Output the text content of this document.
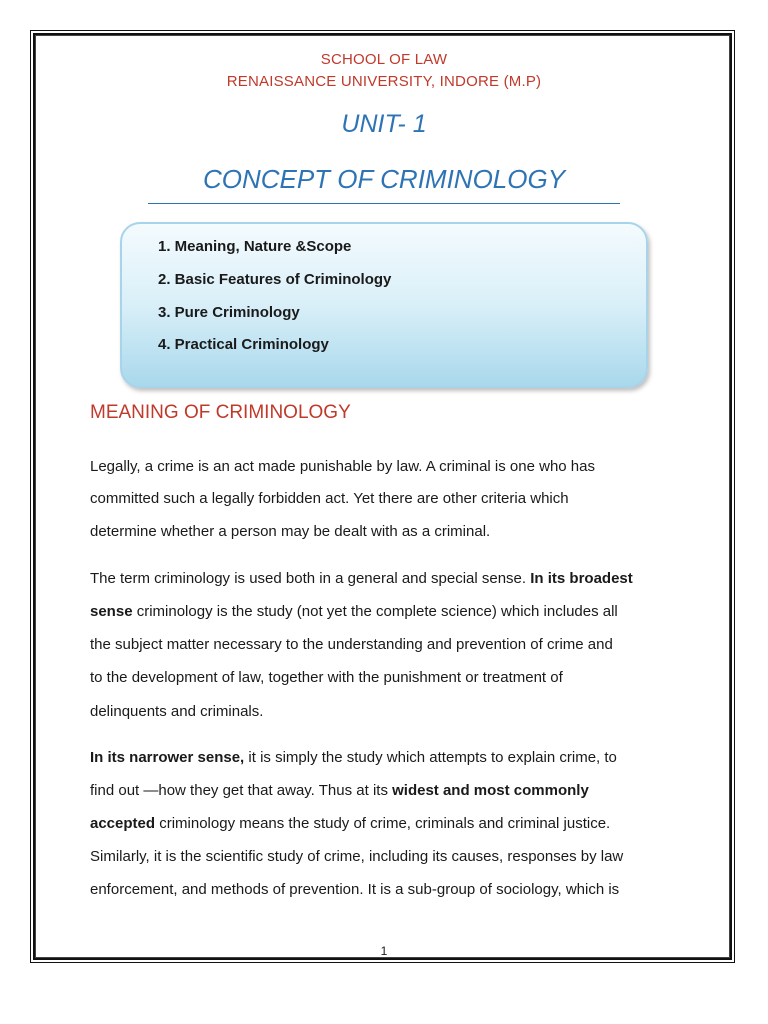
SCHOOL OF LAW
RENAISSANCE UNIVERSITY, INDORE (M.P)
UNIT- 1
CONCEPT OF CRIMINOLOGY
1. Meaning, Nature &Scope
2. Basic Features of Criminology
3. Pure Criminology
4. Practical Criminology
MEANING OF CRIMINOLOGY
Legally, a crime is an act made punishable by law. A criminal is one who has
committed such a legally forbidden act. Yet there are other criteria which
determine whether a person may be dealt with as a criminal.
The term criminology is used both in a general and special sense. In its broadest
sense criminology is the study (not yet the complete science) which includes all
the subject matter necessary to the understanding and prevention of crime and
to the development of law, together with the punishment or treatment of
delinquents and criminals.
In its narrower sense, it is simply the study which attempts to explain crime, to
find out —how they get that away. Thus at its widest and most commonly
accepted criminology means the study of crime, criminals and criminal justice.
Similarly, it is the scientific study of crime, including its causes, responses by law
enforcement, and methods of prevention. It is a sub-group of sociology, which is
1
